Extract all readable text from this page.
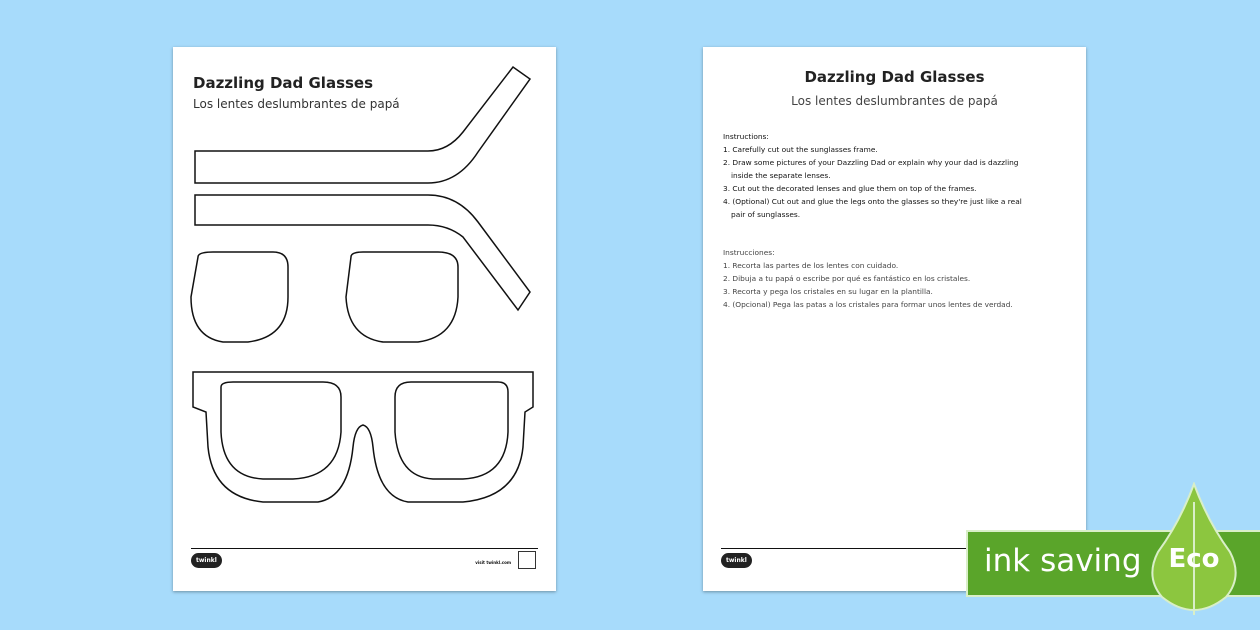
Dazzling Dad Glasses
Los lentes deslumbrantes de papá
twinkl	visit twinkl.com
Dazzling Dad Glasses
Los lentes deslumbrantes de papá
Instructions:
1. Carefully cut out the sunglasses frame.
2. Draw some pictures of your Dazzling Dad or explain why your dad is dazzling
inside the separate lenses.
3. Cut out the decorated lenses and glue them on top of the frames.
4. (Optional) Cut out and glue the legs onto the glasses so they're just like a real
pair of sunglasses.
Instrucciones:
1. Recorta las partes de los lentes con cuidado.
2. Dibuja a tu papá o escribe por qué es fantástico en los cristales.
3. Recorta y pega los cristales en su lugar en la plantilla.
4. (Opcional) Pega las patas a los cristales para formar unos lentes de verdad.
twinkl	ink saving	Eco
